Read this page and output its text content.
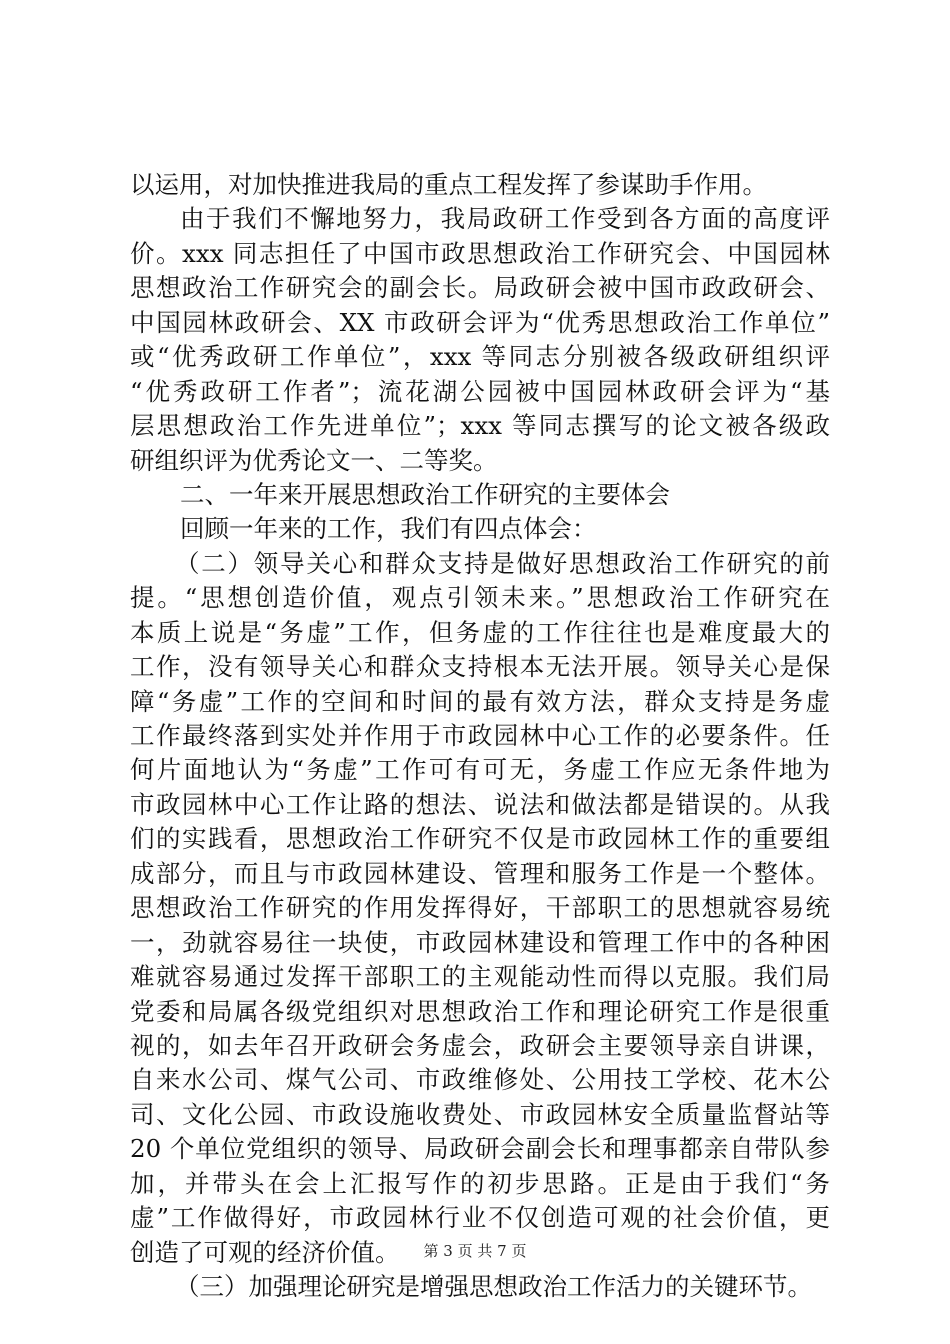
以运用，对加快推进我局的重点工程发挥了参谋助手作用。
由于我们不懈地努力，我局政研工作受到各方面的高度评
价。xxx 同志担任了中国市政思想政治工作研究会、中国园林
思想政治工作研究会的副会长。局政研会被中国市政政研会、
中国园林政研会、XX 市政研会评为“优秀思想政治工作单位”
或“优秀政研工作单位”，xxx 等同志分别被各级政研组织评
“优秀政研工作者”；流花湖公园被中国园林政研会评为“基
层思想政治工作先进单位”；xxx 等同志撰写的论文被各级政
研组织评为优秀论文一、二等奖。
二、一年来开展思想政治工作研究的主要体会
回顾一年来的工作，我们有四点体会：
（二）领导关心和群众支持是做好思想政治工作研究的前
提。“思想创造价值，观点引领未来。”思想政治工作研究在
本质上说是“务虚”工作，但务虚的工作往往也是难度最大的
工作，没有领导关心和群众支持根本无法开展。领导关心是保
障“务虚”工作的空间和时间的最有效方法，群众支持是务虚
工作最终落到实处并作用于市政园林中心工作的必要条件。任
何片面地认为“务虚”工作可有可无，务虚工作应无条件地为
市政园林中心工作让路的想法、说法和做法都是错误的。从我
们的实践看，思想政治工作研究不仅是市政园林工作的重要组
成部分，而且与市政园林建设、管理和服务工作是一个整体。
思想政治工作研究的作用发挥得好，干部职工的思想就容易统
一，劲就容易往一块使，市政园林建设和管理工作中的各种困
难就容易通过发挥干部职工的主观能动性而得以克服。我们局
党委和局属各级党组织对思想政治工作和理论研究工作是很重
视的，如去年召开政研会务虚会，政研会主要领导亲自讲课，
自来水公司、煤气公司、市政维修处、公用技工学校、花木公
司、文化公园、市政设施收费处、市政园林安全质量监督站等
20 个单位党组织的领导、局政研会副会长和理事都亲自带队参
加，并带头在会上汇报写作的初步思路。正是由于我们“务
虚”工作做得好，市政园林行业不仅创造可观的社会价值，更
创造了可观的经济价值。
（三）加强理论研究是增强思想政治工作活力的关键环节。
第 3 页 共 7 页
